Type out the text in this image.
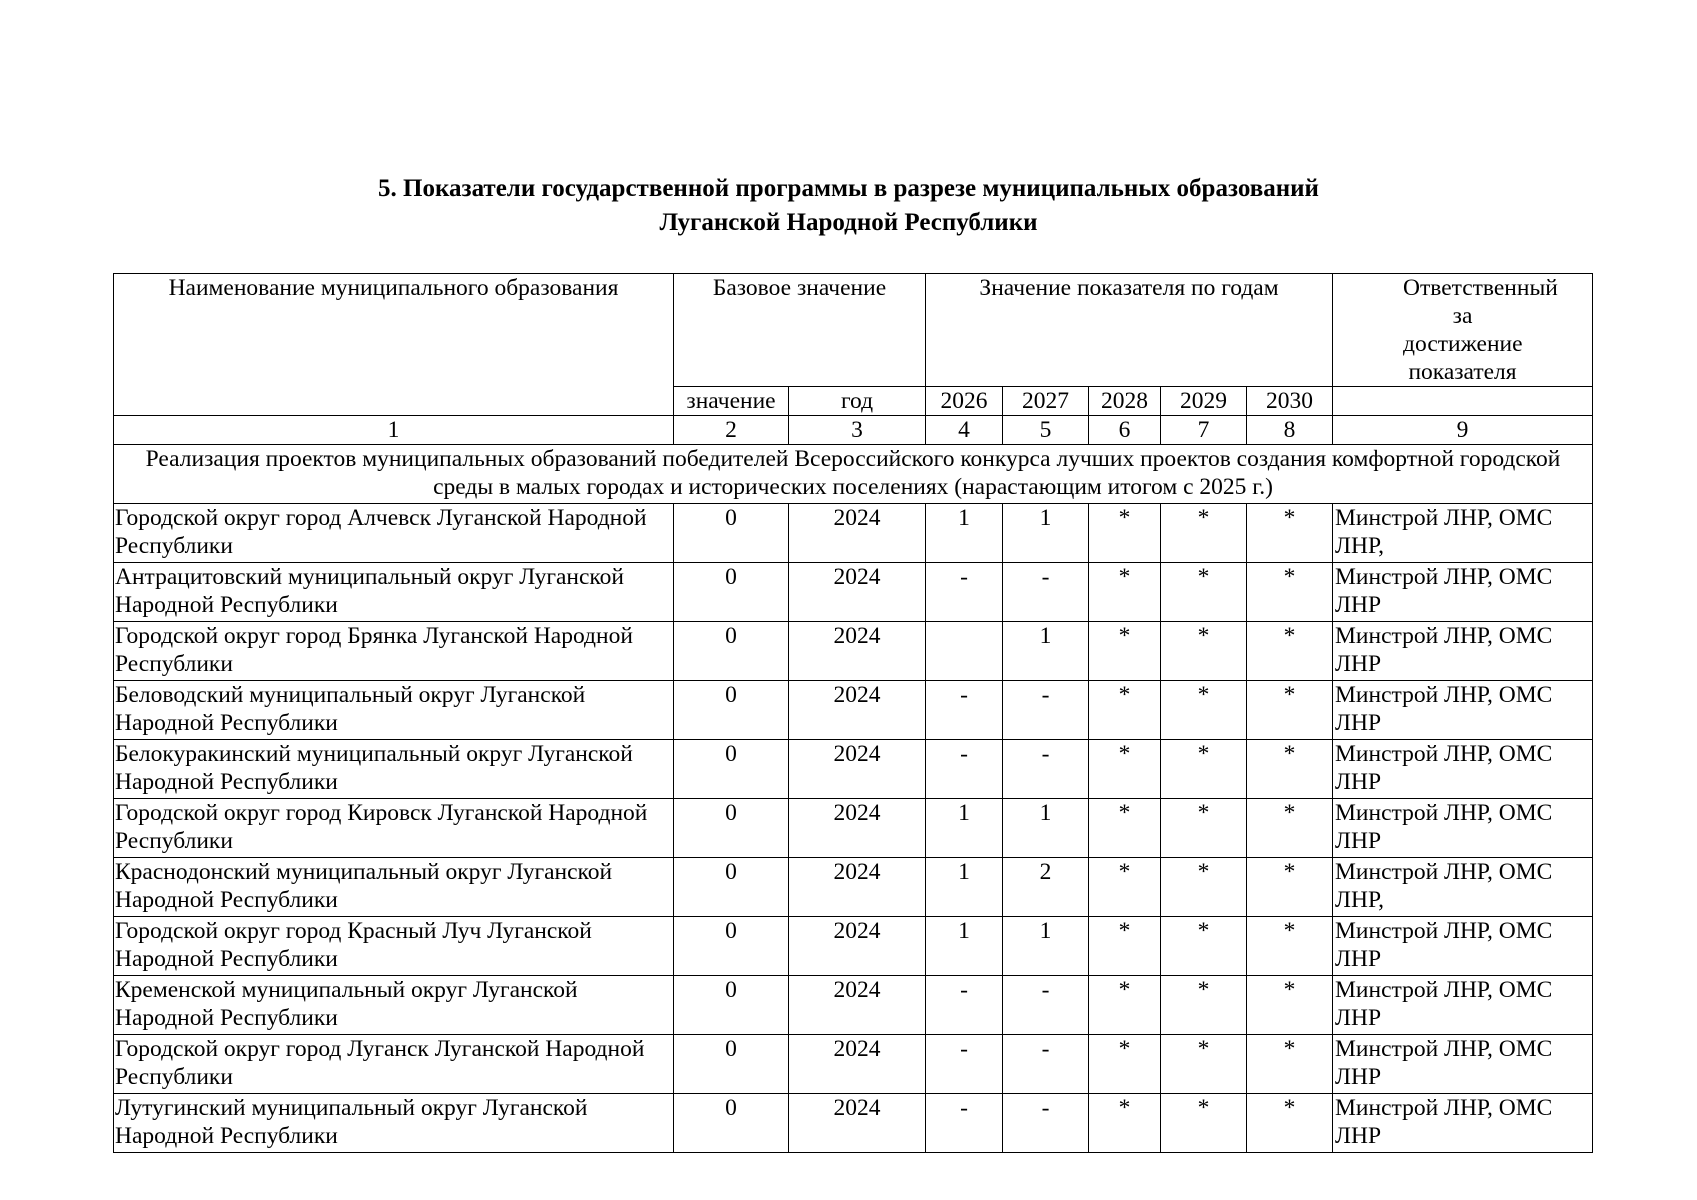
5. Показатели государственной программы в разрезе муниципальных образований
Луганской Народной Республики
Наименование муниципального образования	Базовое значение		Значение показателя по годам					Ответственный за достижение показателя
	значение	год	2026	2027	2028	2029	2030	
1	2	3	4	5	6	7	8	9
Реализация проектов муниципальных образований победителей Всероссийского конкурса лучших проектов создания комфортной городской среды в малых городах и исторических поселениях (нарастающим итогом с 2025 г.)								
Городской округ город Алчевск Луганской Народной Республики	0	2024	1	1	*	*	*	Минстрой ЛНР, ОМС ЛНР,
Антрацитовский муниципальный округ Луганской Народной Республики	0	2024	-	-	*	*	*	Минстрой ЛНР, ОМС ЛНР
Городской округ город Брянка Луганской Народной Республики	0	2024		1	*	*	*	Минстрой ЛНР, ОМС ЛНР
Беловодский муниципальный округ Луганской Народной Республики	0	2024	-	-	*	*	*	Минстрой ЛНР, ОМС ЛНР
Белокуракинский муниципальный округ Луганской Народной Республики	0	2024	-	-	*	*	*	Минстрой ЛНР, ОМС ЛНР
Городской округ город Кировск Луганской Народной Республики	0	2024	1	1	*	*	*	Минстрой ЛНР, ОМС ЛНР
Краснодонский муниципальный округ Луганской Народной Республики	0	2024	1	2	*	*	*	Минстрой ЛНР, ОМС ЛНР,
Городской округ город Красный Луч Луганской Народной Республики	0	2024	1	1	*	*	*	Минстрой ЛНР, ОМС ЛНР
Кременской муниципальный округ Луганской Народной Республики	0	2024	-	-	*	*	*	Минстрой ЛНР, ОМС ЛНР
Городской округ город Луганск Луганской Народной Республики	0	2024	-	-	*	*	*	Минстрой ЛНР, ОМС ЛНР
Лутугинский муниципальный округ Луганской Народной Республики	0	2024	-	-	*	*	*	Минстрой ЛНР, ОМС ЛНР
